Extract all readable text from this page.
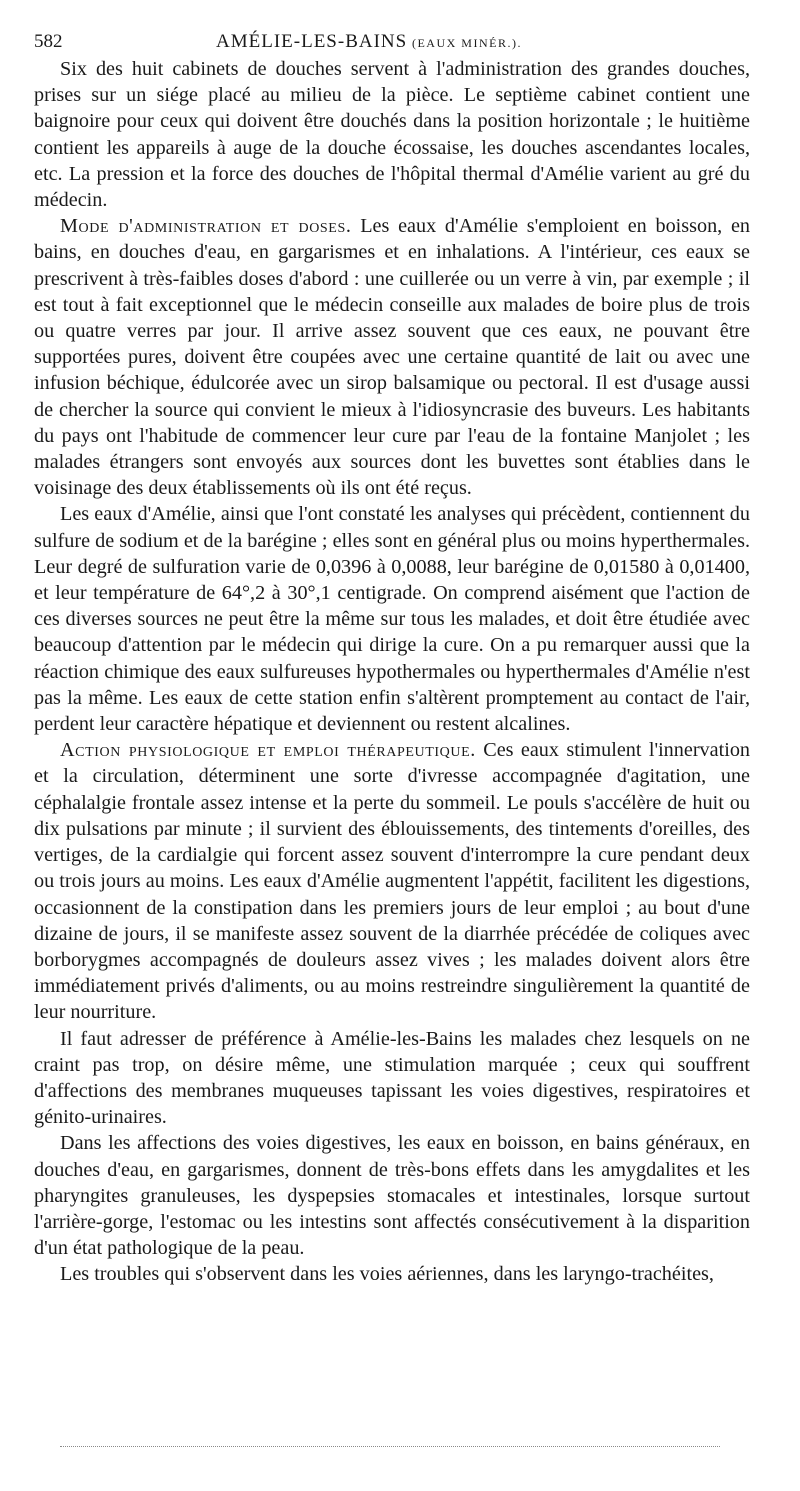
582	AMÉLIE-LES-BAINS (EAUX MINÉR.).

Six des huit cabinets de douches servent à l'administration des grandes douches, prises sur un siége placé au milieu de la pièce. Le septième cabinet contient une baignoire pour ceux qui doivent être douchés dans la position horizontale ; le huitième contient les appareils à auge de la douche écossaise, les douches ascendantes locales, etc. La pression et la force des douches de l'hôpital thermal d'Amélie varient au gré du médecin.

Mode d'administration et doses. Les eaux d'Amélie s'emploient en boisson, en bains, en douches d'eau, en gargarismes et en inhalations. A l'intérieur, ces eaux se prescrivent à très-faibles doses d'abord : une cuillerée ou un verre à vin, par exemple ; il est tout à fait exceptionnel que le médecin conseille aux malades de boire plus de trois ou quatre verres par jour. Il arrive assez souvent que ces eaux, ne pouvant être supportées pures, doivent être coupées avec une certaine quantité de lait ou avec une infusion béchique, édulcorée avec un sirop balsamique ou pectoral. Il est d'usage aussi de chercher la source qui convient le mieux à l'idiosyncrasie des buveurs. Les habitants du pays ont l'habitude de commencer leur cure par l'eau de la fontaine Manjolet ; les malades étrangers sont envoyés aux sources dont les buvettes sont établies dans le voisinage des deux établissements où ils ont été reçus.

Les eaux d'Amélie, ainsi que l'ont constaté les analyses qui précèdent, contiennent du sulfure de sodium et de la barégine ; elles sont en général plus ou moins hyperthermales. Leur degré de sulfuration varie de 0,0396 à 0,0088, leur barégine de 0,01580 à 0,01400, et leur température de 64°,2 à 30°,1 centigrade. On comprend aisément que l'action de ces diverses sources ne peut être la même sur tous les malades, et doit être étudiée avec beaucoup d'attention par le médecin qui dirige la cure. On a pu remarquer aussi que la réaction chimique des eaux sulfureuses hypothermales ou hyperthermales d'Amélie n'est pas la même. Les eaux de cette station enfin s'altèrent promptement au contact de l'air, perdent leur caractère hépatique et deviennent ou restent alcalines.

Action physiologique et emploi thérapeutique. Ces eaux stimulent l'innervation et la circulation, déterminent une sorte d'ivresse accompagnée d'agitation, une céphalalgie frontale assez intense et la perte du sommeil. Le pouls s'accélère de huit ou dix pulsations par minute ; il survient des éblouissements, des tintements d'oreilles, des vertiges, de la cardialgie qui forcent assez souvent d'interrompre la cure pendant deux ou trois jours au moins. Les eaux d'Amélie augmentent l'appétit, facilitent les digestions, occasionnent de la constipation dans les premiers jours de leur emploi ; au bout d'une dizaine de jours, il se manifeste assez souvent de la diarrhée précédée de coliques avec borborygmes accompagnés de douleurs assez vives ; les malades doivent alors être immédiatement privés d'aliments, ou au moins restreindre singulièrement la quantité de leur nourriture.

Il faut adresser de préférence à Amélie-les-Bains les malades chez lesquels on ne craint pas trop, on désire même, une stimulation marquée ; ceux qui souffrent d'affections des membranes muqueuses tapissant les voies digestives, respiratoires et génito-urinaires.

Dans les affections des voies digestives, les eaux en boisson, en bains généraux, en douches d'eau, en gargarismes, donnent de très-bons effets dans les amygdalites et les pharyngites granuleuses, les dyspepsies stomacales et intestinales, lorsque surtout l'arrière-gorge, l'estomac ou les intestins sont affectés consécutivement à la disparition d'un état pathologique de la peau.

Les troubles qui s'observent dans les voies aériennes, dans les laryngo-trachéites,
